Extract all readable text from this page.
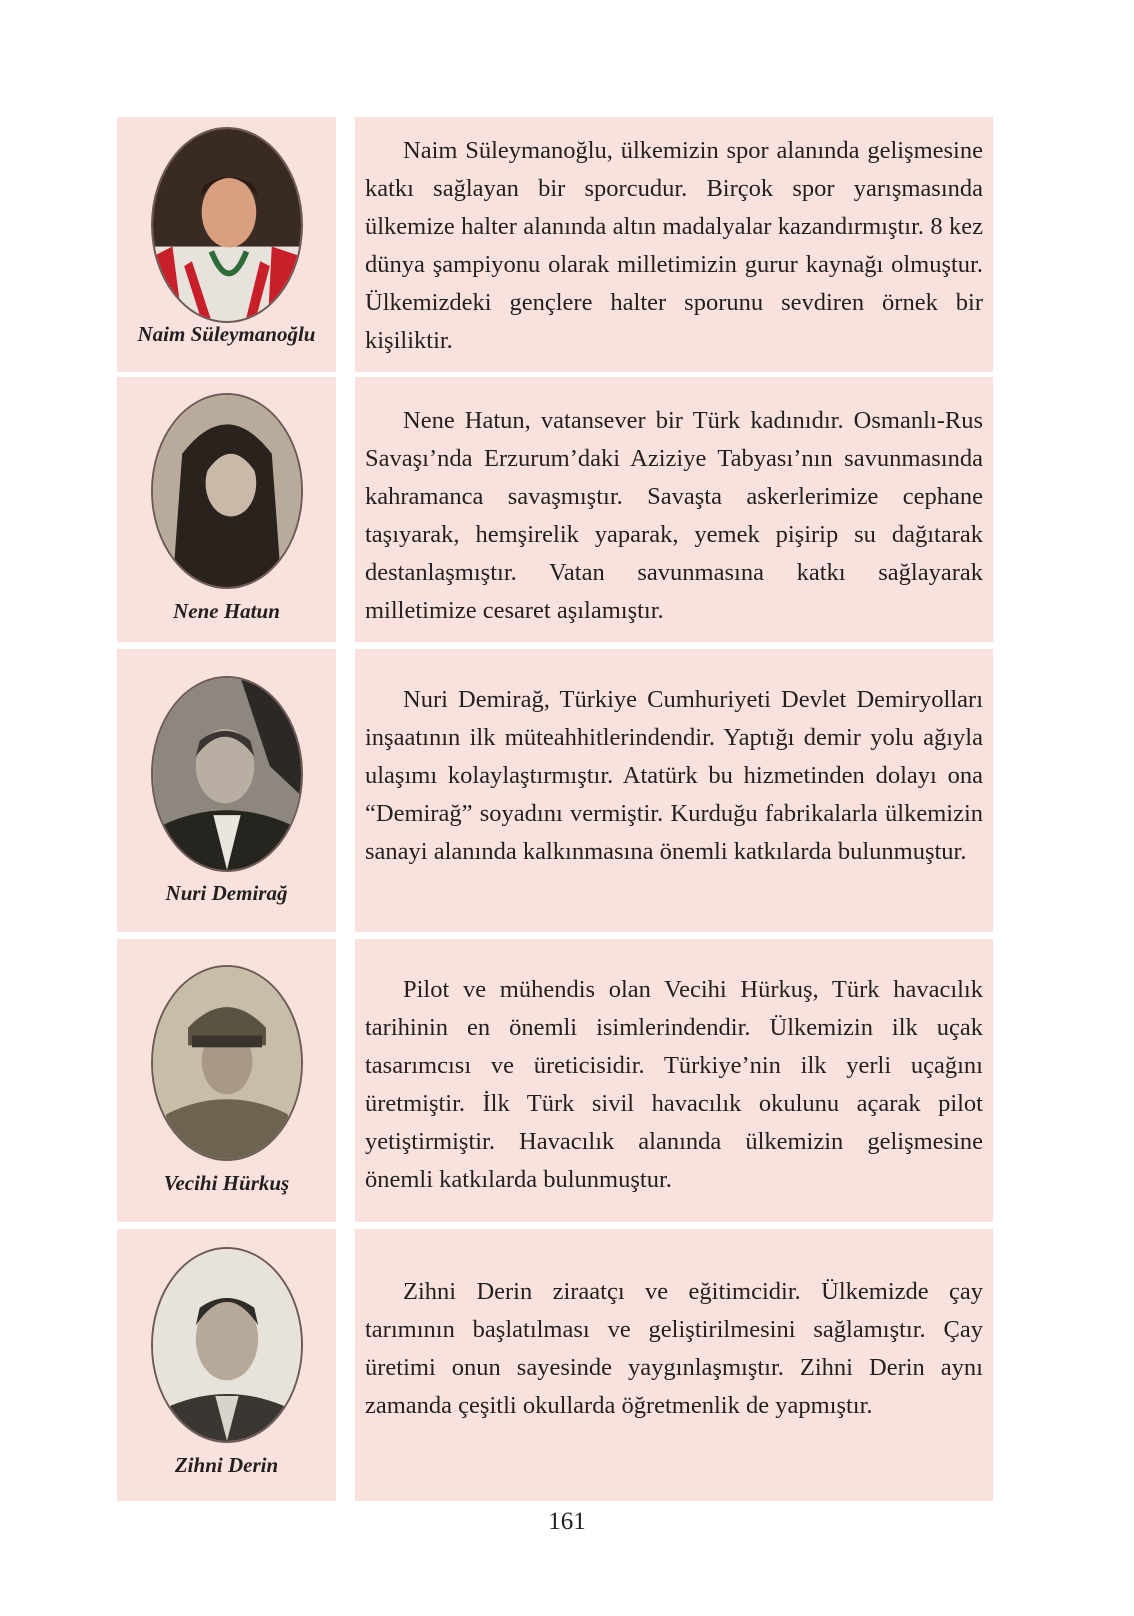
Naim Süleymanoğlu

Naim Süleymanoğlu, ülkemizin spor alanında gelişmesine katkı sağlayan bir sporcudur. Birçok spor yarışmasında ülkemize halter alanında altın madalyalar kazandırmıştır. 8 kez dünya şampiyonu olarak milletimizin gurur kaynağı olmuştur. Ülkemizdeki gençlere halter sporunu sevdiren örnek bir kişiliktir.

Nene Hatun

Nene Hatun, vatansever bir Türk kadınıdır. Osmanlı-Rus Savaşı’nda Erzurum’daki Aziziye Tabyası’nın savunmasında kahramanca savaşmıştır. Savaşta askerlerimize cephane taşıyarak, hemşirelik yaparak, yemek pişirip su dağıtarak destanlaşmıştır. Vatan savunmasına katkı sağlayarak milletimize cesaret aşılamıştır.

Nuri Demirağ

Nuri Demirağ, Türkiye Cumhuriyeti Devlet Demiryolları inşaatının ilk müteahhitlerindendir. Yaptığı demir yolu ağıyla ulaşımı kolaylaştırmıştır. Atatürk bu hizmetinden dolayı ona “Demirağ” soyadını vermiştir. Kurduğu fabrikalarla ülkemizin sanayi alanında kalkınmasına önemli katkılarda bulunmuştur.

Vecihi Hürkuş

Pilot ve mühendis olan Vecihi Hürkuş, Türk havacılık tarihinin en önemli isimlerindendir. Ülkemizin ilk uçak tasarımcısı ve üreticisidir. Türkiye’nin ilk yerli uçağını üretmiştir. İlk Türk sivil havacılık okulunu açarak pilot yetiştirmiştir. Havacılık alanında ülkemizin gelişmesine önemli katkılarda bulunmuştur.

Zihni Derin

Zihni Derin ziraatçı ve eğitimcidir. Ülkemizde çay tarımının başlatılması ve geliştirilmesini sağlamıştır. Çay üretimi onun sayesinde yaygınlaşmıştır. Zihni Derin aynı zamanda çeşitli okullarda öğretmenlik de yapmıştır.

161
